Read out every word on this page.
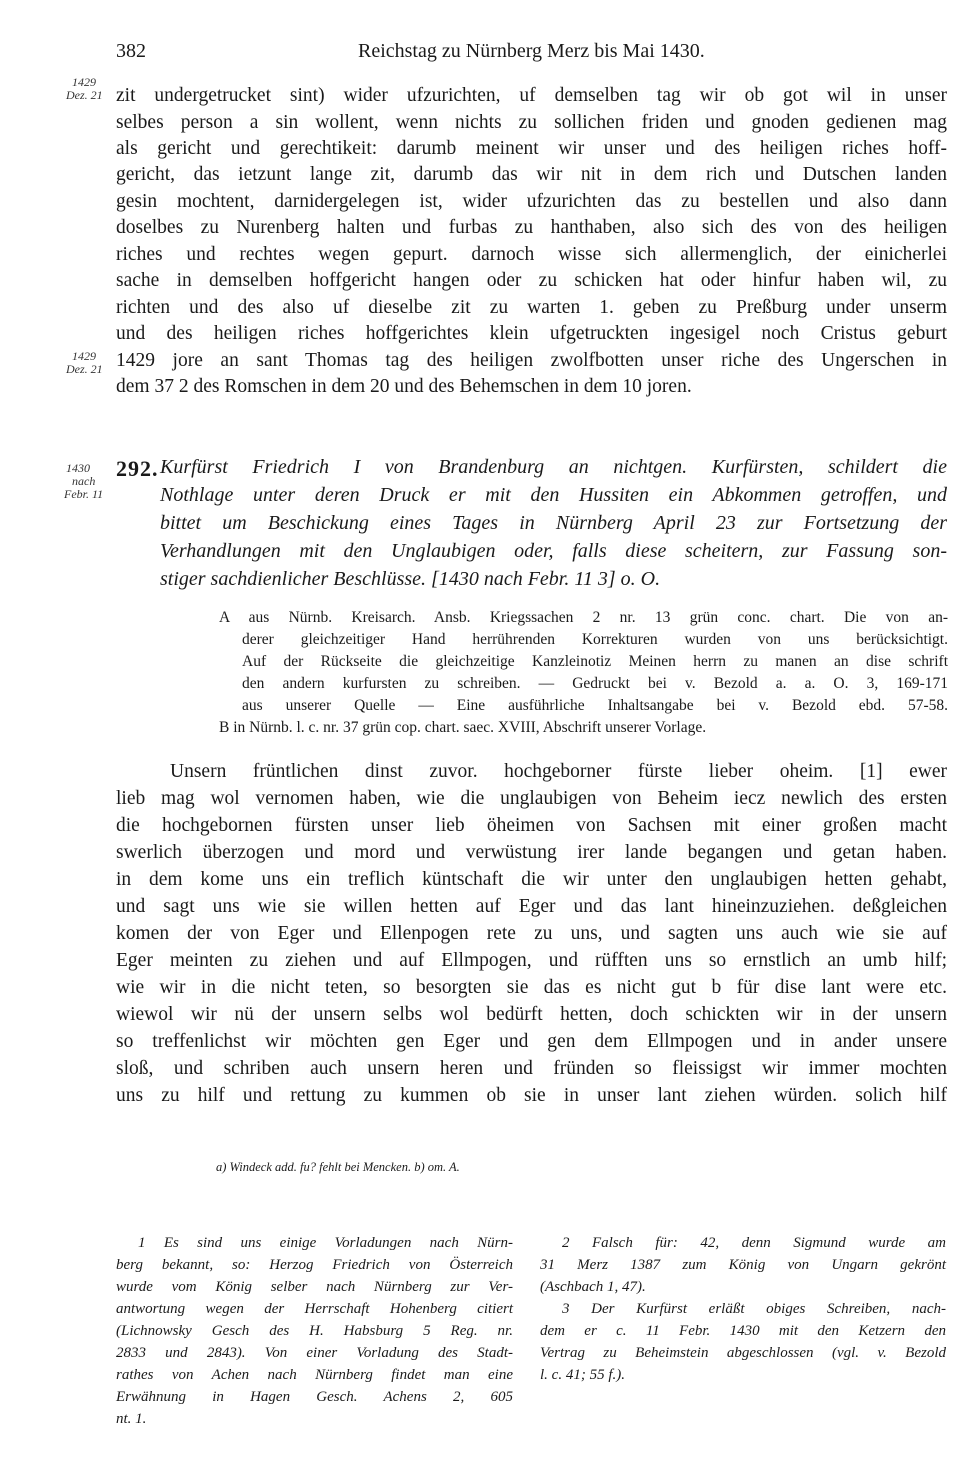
382	Reichstag zu Nürnberg Merz bis Mai 1430.
1429
Dez. 21
1429
Dez. 21
1430
nach
Febr. 11
zit undergetrucket sint) wider ufzurichten, uf demselben tag wir ob got wil in unser
selbes person a sin wollent, wenn nichts zu sollichen friden und gnoden gedienen mag
als gericht und gerechtikeit: darumb meinent wir unser und des heiligen riches hoff-
gericht, das ietzunt lange zit, darumb das wir nit in dem rich und Dutschen landen
gesin mochtent, darnidergelegen ist, wider ufzurichten das zu bestellen und also dann
doselbes zu Nurenberg halten und furbas zu hanthaben, also sich des von des heiligen
riches und rechtes wegen gepurt. darnoch wisse sich allermenglich, der einicherlei
sache in demselben hoffgericht hangen oder zu schicken hat oder hinfur haben wil, zu
richten und des also uf dieselbe zit zu warten 1. geben zu Preßburg under unserm
und des heiligen riches hoffgerichtes klein ufgetruckten ingesigel noch Cristus geburt
1429 jore an sant Thomas tag des heiligen zwolfbotten unser riche des Ungerschen in
dem 37 2 des Romschen in dem 20 und des Behemschen in dem 10 joren.
292. Kurfürst Friedrich I von Brandenburg an nichtgen. Kurfürsten, schildert die
Nothlage unter deren Druck er mit den Hussiten ein Abkommen getroffen, und
bittet um Beschickung eines Tages in Nürnberg April 23 zur Fortsetzung der
Verhandlungen mit den Unglaubigen oder, falls diese scheitern, zur Fassung son-
stiger sachdienlicher Beschlüsse. [1430 nach Febr. 11 3] o. O.
A aus Nürnb. Kreisarch. Ansb. Kriegssachen 2 nr. 13 grün conc. chart. Die von an-
derer gleichzeitiger Hand herrührenden Korrekturen wurden von uns berücksichtigt.
Auf der Rückseite die gleichzeitige Kanzleinotiz Meinen herrn zu manen an dise schrift
den andern kurfursten zu schreiben. — Gedruckt bei v. Bezold a. a. O. 3, 169-171
aus unserer Quelle — Eine ausführliche Inhaltsangabe bei v. Bezold ebd. 57-58.
B in Nürnb. l. c. nr. 37 grün cop. chart. saec. XVIII, Abschrift unserer Vorlage.
Unsern früntlichen dinst zuvor. hochgeborner fürste lieber oheim. [1] ewer
lieb mag wol vernomen haben, wie die unglaubigen von Beheim iecz newlich des ersten
die hochgebornen fürsten unser lieb öheimen von Sachsen mit einer großen macht
swerlich überzogen und mord und verwüstung irer lande begangen und getan haben.
in dem kome uns ein treflich küntschaft die wir unter den unglaubigen hetten gehabt,
und sagt uns wie sie willen hetten auf Eger und das lant hineinzuziehen. deßgleichen
komen der von Eger und Ellenpogen rete zu uns, und sagten uns auch wie sie auf
Eger meinten zu ziehen und auf Ellmpogen, und rüfften uns so ernstlich an umb hilf;
wie wir in die nicht teten, so besorgten sie das es nicht gut b für dise lant were etc.
wiewol wir nü der unsern selbs wol bedürft hetten, doch schickten wir in der unsern
so treffenlichst wir möchten gen Eger und gen dem Ellmpogen und in ander unsere
sloß, und schriben auch unsern heren und fründen so fleissigst wir immer mochten
uns zu hilf und rettung zu kummen ob sie in unser lant ziehen würden. solich hilf
a) Windeck add. fu? fehlt bei Mencken. b) om. A.
1 Es sind uns einige Vorladungen nach Nürn-
berg bekannt, so: Herzog Friedrich von Österreich
wurde vom König selber nach Nürnberg zur Ver-
antwortung wegen der Herrschaft Hohenberg citiert
(Lichnowsky Gesch des H. Habsburg 5 Reg. nr.
2833 und 2843). Von einer Vorladung des Stadt-
rathes von Achen nach Nürnberg findet man eine
Erwähnung in Hagen Gesch. Achens 2, 605
nt. 1.
2 Falsch für: 42, denn Sigmund wurde am
31 Merz 1387 zum König von Ungarn gekrönt
(Aschbach 1, 47).
3 Der Kurfürst erläßt obiges Schreiben, nach-
dem er c. 11 Febr. 1430 mit den Ketzern den
Vertrag zu Beheimstein abgeschlossen (vgl. v. Bezold
l. c. 41; 55 f.).
